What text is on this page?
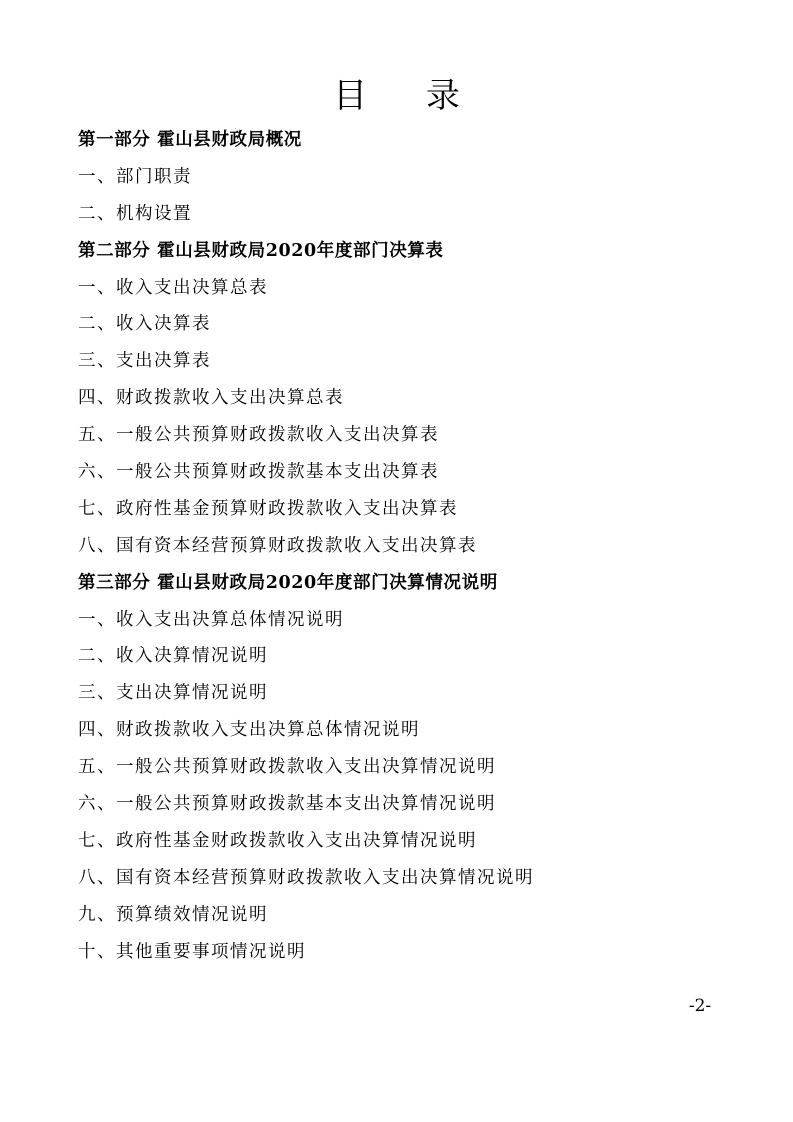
目 录
第一部分 霍山县财政局概况
一、部门职责
二、机构设置
第二部分 霍山县财政局2020年度部门决算表
一、收入支出决算总表
二、收入决算表
三、支出决算表
四、财政拨款收入支出决算总表
五、一般公共预算财政拨款收入支出决算表
六、一般公共预算财政拨款基本支出决算表
七、政府性基金预算财政拨款收入支出决算表
八、国有资本经营预算财政拨款收入支出决算表
第三部分 霍山县财政局2020年度部门决算情况说明
一、收入支出决算总体情况说明
二、收入决算情况说明
三、支出决算情况说明
四、财政拨款收入支出决算总体情况说明
五、一般公共预算财政拨款收入支出决算情况说明
六、一般公共预算财政拨款基本支出决算情况说明
七、政府性基金财政拨款收入支出决算情况说明
八、国有资本经营预算财政拨款收入支出决算情况说明
九、预算绩效情况说明
十、其他重要事项情况说明
-2-
